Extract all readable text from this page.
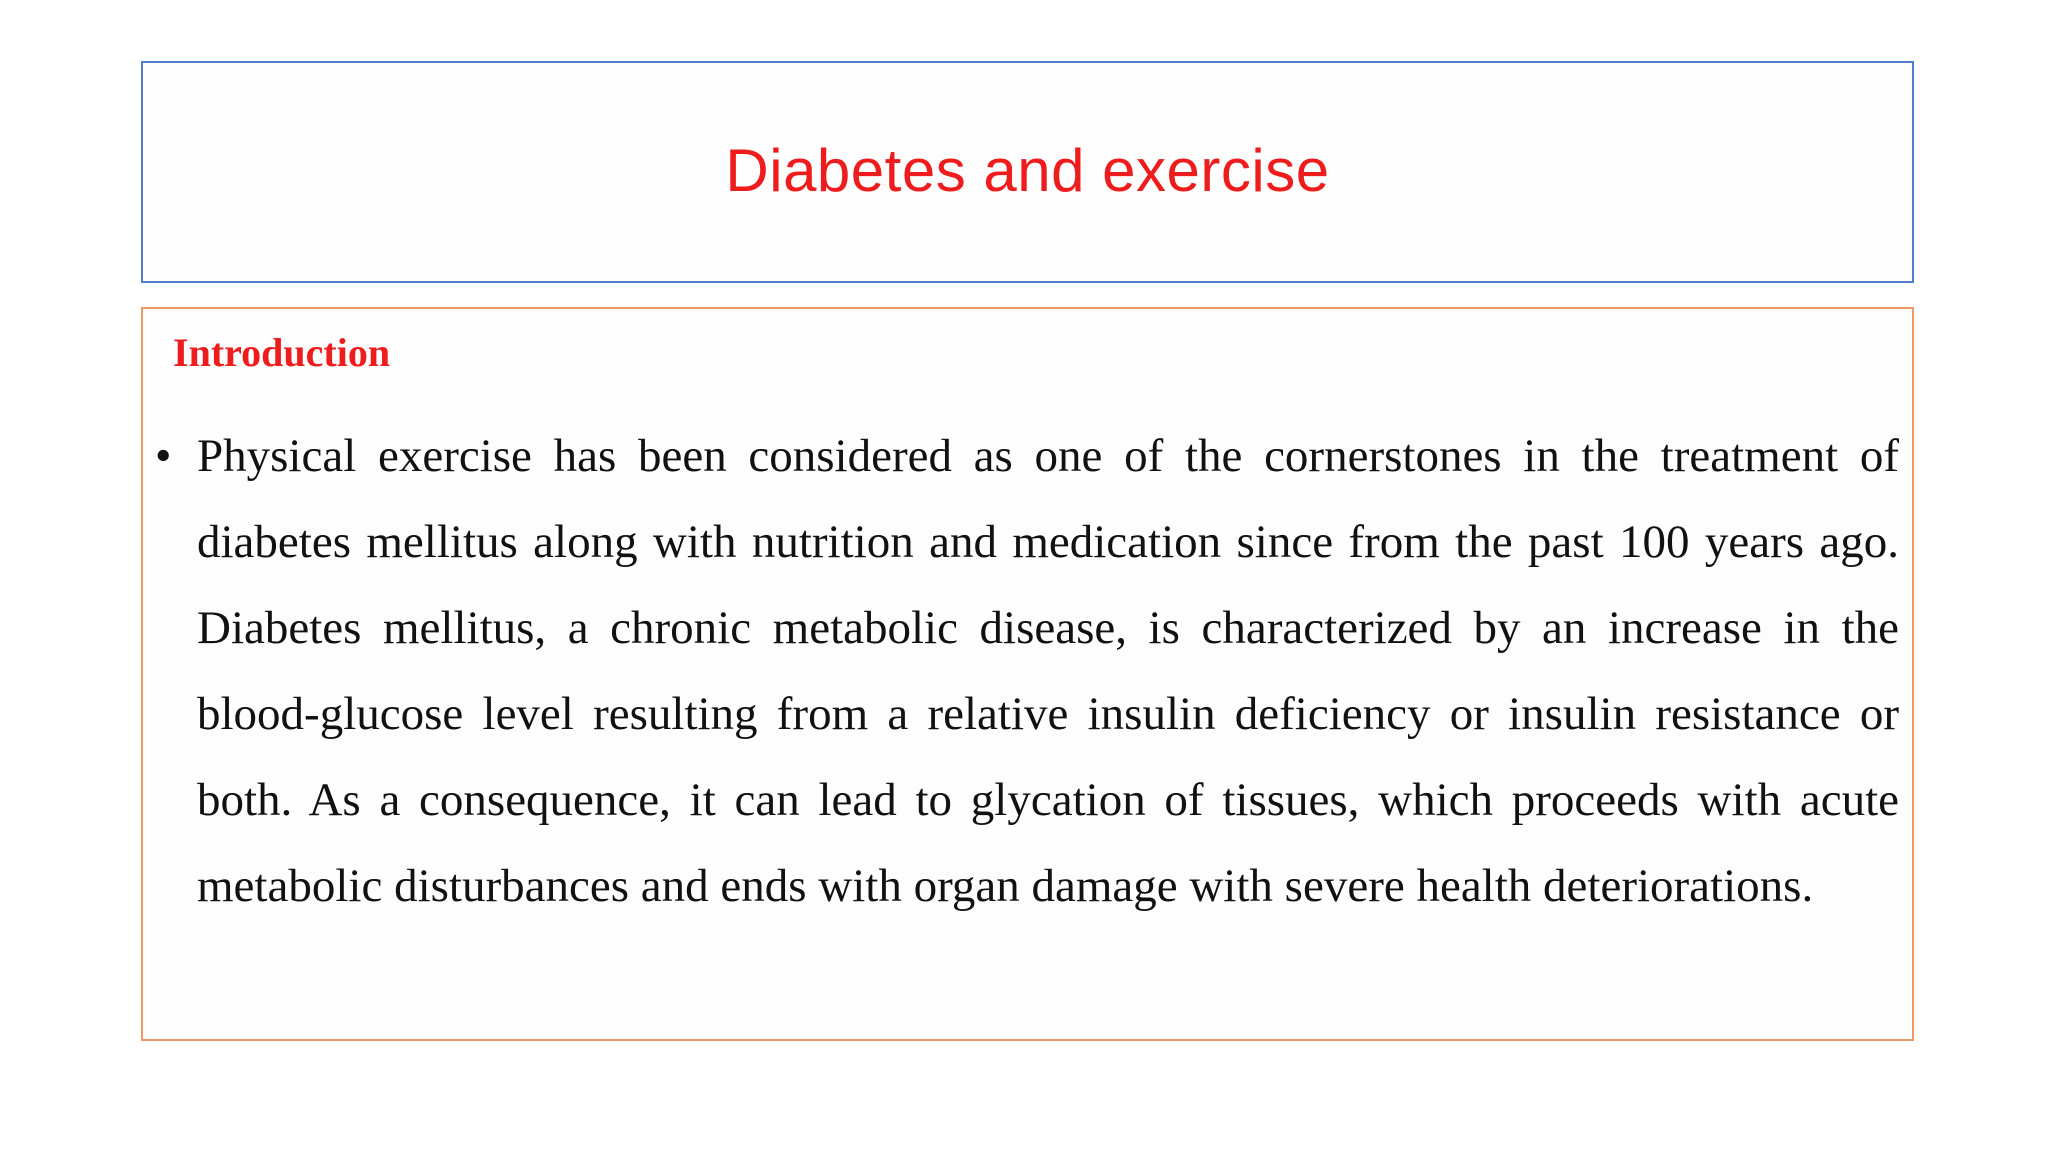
Diabetes and exercise
Introduction
• Physical exercise has been considered as one of the cornerstones in the treatment of diabetes mellitus along with nutrition and medication since from the past 100 years ago. Diabetes mellitus, a chronic metabolic disease, is characterized by an increase in the blood-glucose level resulting from a relative insulin deficiency or insulin resistance or both. As a consequence, it can lead to glycation of tissues, which proceeds with acute metabolic disturbances and ends with organ damage with severe health deteriorations.
